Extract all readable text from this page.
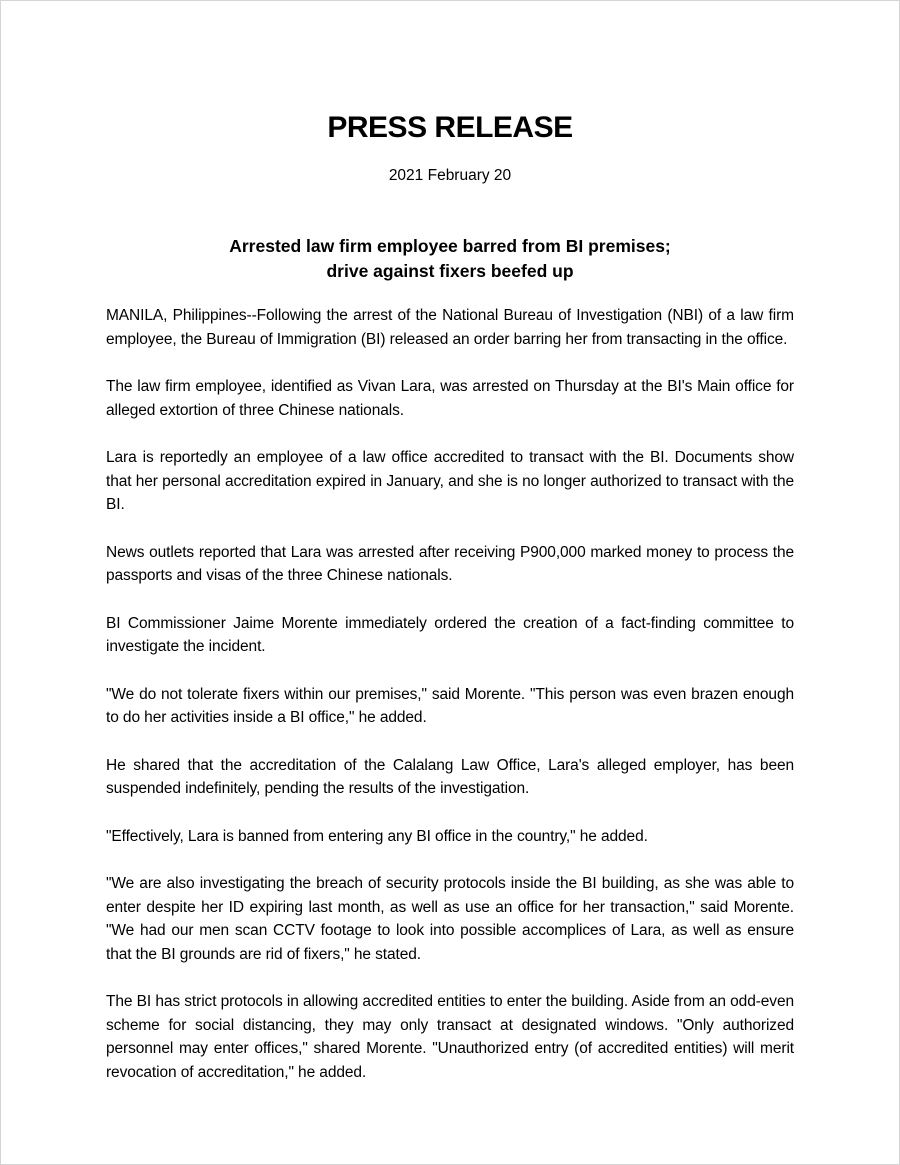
PRESS RELEASE
2021 February 20
Arrested law firm employee barred from BI premises;
drive against fixers beefed up

MANILA, Philippines--Following the arrest of the National Bureau of Investigation (NBI) of a law firm employee, the Bureau of Immigration (BI) released an order barring her from transacting in the office.

The law firm employee, identified as Vivan Lara, was arrested on Thursday at the BI's Main office for alleged extortion of three Chinese nationals.

Lara is reportedly an employee of a law office accredited to transact with the BI. Documents show that her personal accreditation expired in January, and she is no longer authorized to transact with the BI.

News outlets reported that Lara was arrested after receiving P900,000 marked money to process the passports and visas of the three Chinese nationals.

BI Commissioner Jaime Morente immediately ordered the creation of a fact-finding committee to investigate the incident.

"We do not tolerate fixers within our premises," said Morente. "This person was even brazen enough to do her activities inside a BI office," he added.

He shared that the accreditation of the Calalang Law Office, Lara's alleged employer, has been suspended indefinitely, pending the results of the investigation.

"Effectively, Lara is banned from entering any BI office in the country," he added.

"We are also investigating the breach of security protocols inside the BI building, as she was able to enter despite her ID expiring last month, as well as use an office for her transaction," said Morente. "We had our men scan CCTV footage to look into possible accomplices of Lara, as well as ensure that the BI grounds are rid of fixers," he stated.

The BI has strict protocols in allowing accredited entities to enter the building. Aside from an odd-even scheme for social distancing, they may only transact at designated windows. "Only authorized personnel may enter offices," shared Morente. "Unauthorized entry (of accredited entities) will merit revocation of accreditation," he added.
